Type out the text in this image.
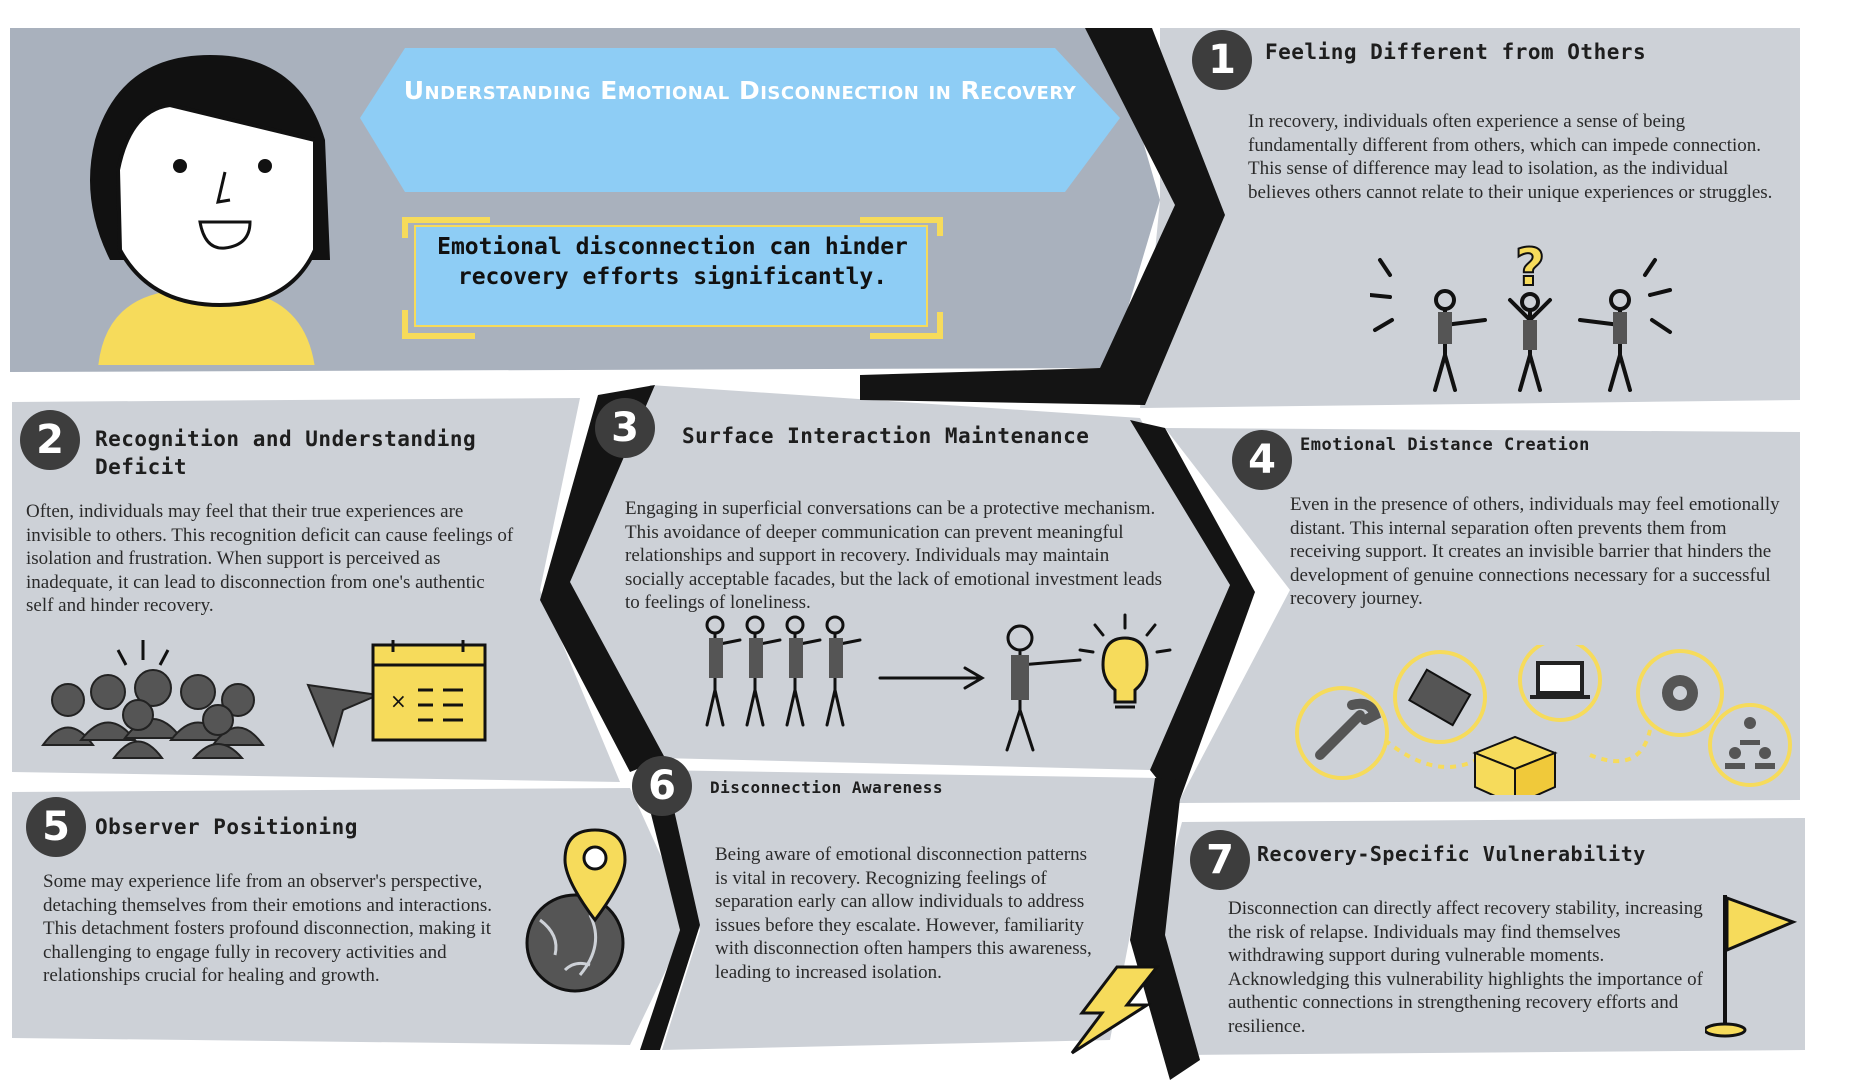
Understanding Emotional Disconnection in Recovery
Emotional disconnection can hinder recovery efforts significantly.
1	Feeling Different from Others
In recovery, individuals often experience a sense of being fundamentally different from others, which can impede connection. This sense of difference may lead to isolation, as the individual believes others cannot relate to their unique experiences or struggles.
?
2	Recognition and Understanding Deficit
Often, individuals may feel that their true experiences are invisible to others. This recognition deficit can cause feelings of isolation and frustration. When support is perceived as inadequate, it can lead to disconnection from one's authentic self and hinder recovery.
×
3	Surface Interaction Maintenance
Engaging in superficial conversations can be a protective mechanism. This avoidance of deeper communication can prevent meaningful relationships and support in recovery. Individuals may maintain socially acceptable facades, but the lack of emotional investment leads to feelings of loneliness.
4	Emotional Distance Creation
Even in the presence of others, individuals may feel emotionally distant. This internal separation often prevents them from receiving support. It creates an invisible barrier that hinders the development of genuine connections necessary for a successful recovery journey.
5	Observer Positioning
Some may experience life from an observer's perspective, detaching themselves from their emotions and interactions. This detachment fosters profound disconnection, making it challenging to engage fully in recovery activities and relationships crucial for healing and growth.
6	Disconnection Awareness
Being aware of emotional disconnection patterns is vital in recovery. Recognizing feelings of separation early can allow individuals to address issues before they escalate. However, familiarity with disconnection often hampers this awareness, leading to increased isolation.
7	Recovery-Specific Vulnerability
Disconnection can directly affect recovery stability, increasing the risk of relapse. Individuals may find themselves withdrawing support during vulnerable moments. Acknowledging this vulnerability highlights the importance of authentic connections in strengthening recovery efforts and resilience.
